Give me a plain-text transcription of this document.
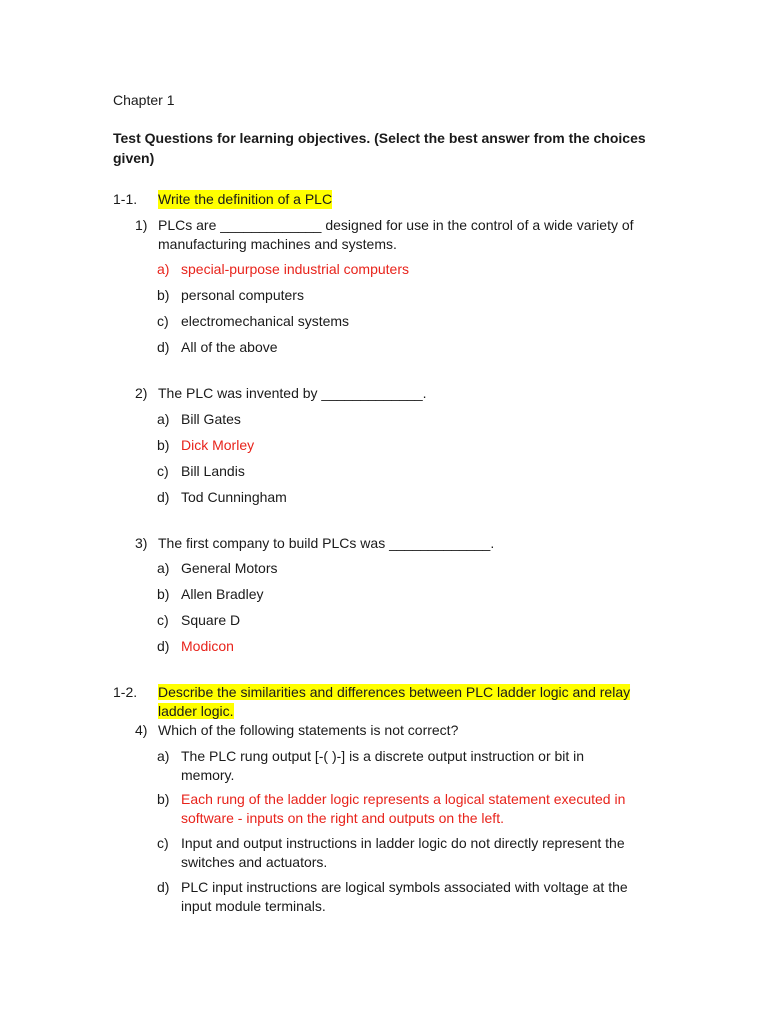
Chapter 1
Test Questions for learning objectives. (Select the best answer from the choices given)
1-1.	Write the definition of a PLC
1) PLCs are _____________ designed for use in the control of a wide variety of manufacturing machines and systems.
a) special-purpose industrial computers
b) personal computers
c) electromechanical systems
d) All of the above
2) The PLC was invented by _____________.
a) Bill Gates
b) Dick Morley
c) Bill Landis
d) Tod Cunningham
3) The first company to build PLCs was _____________.
a) General Motors
b) Allen Bradley
c) Square D
d) Modicon
1-2.	Describe the similarities and differences between PLC ladder logic and relay ladder logic.
4) Which of the following statements is not correct?
a) The PLC rung output [-( )-] is a discrete output instruction or bit in memory.
b) Each rung of the ladder logic represents a logical statement executed in software - inputs on the right and outputs on the left.
c) Input and output instructions in ladder logic do not directly represent the switches and actuators.
d) PLC input instructions are logical symbols associated with voltage at the input module terminals.
